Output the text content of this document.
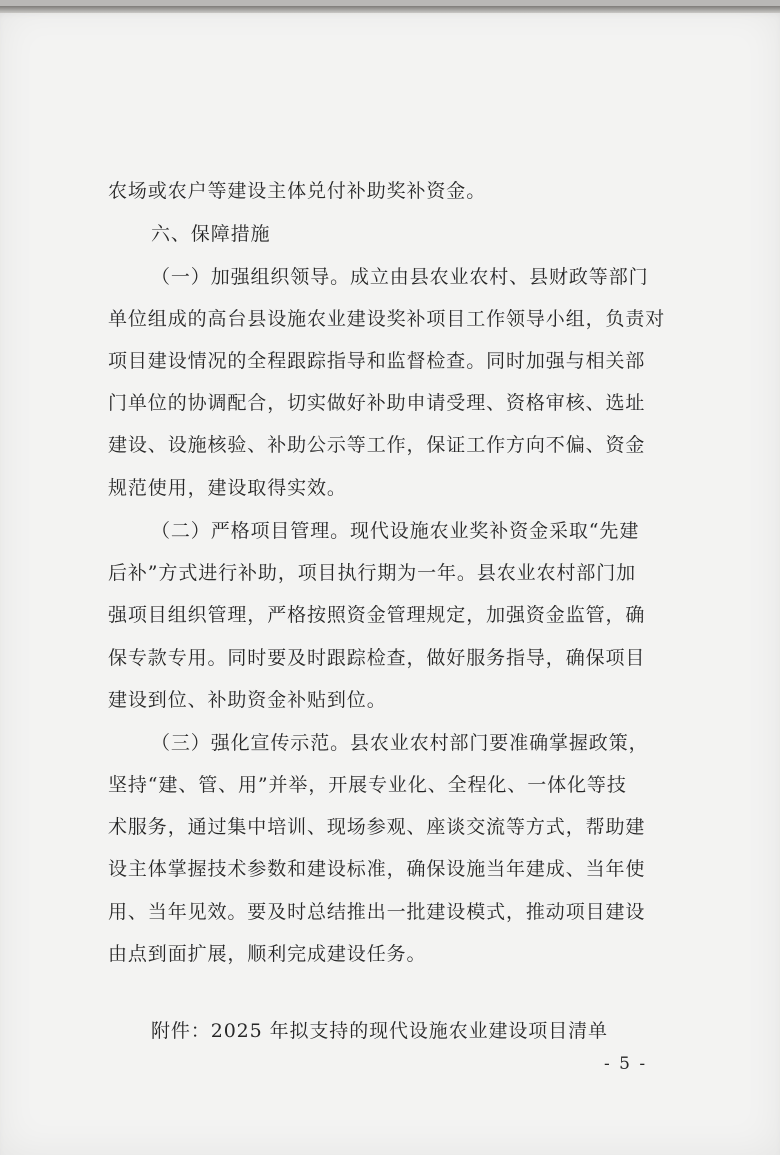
农场或农户等建设主体兑付补助奖补资金。
六、保障措施
（一）加强组织领导。成立由县农业农村、县财政等部门
单位组成的高台县设施农业建设奖补项目工作领导小组，负责对
项目建设情况的全程跟踪指导和监督检查。同时加强与相关部
门单位的协调配合，切实做好补助申请受理、资格审核、选址
建设、设施核验、补助公示等工作，保证工作方向不偏、资金
规范使用，建设取得实效。
（二）严格项目管理。现代设施农业奖补资金采取“先建
后补”方式进行补助，项目执行期为一年。县农业农村部门加
强项目组织管理，严格按照资金管理规定，加强资金监管，确
保专款专用。同时要及时跟踪检查，做好服务指导，确保项目
建设到位、补助资金补贴到位。
（三）强化宣传示范。县农业农村部门要准确掌握政策，
坚持“建、管、用”并举，开展专业化、全程化、一体化等技
术服务，通过集中培训、现场参观、座谈交流等方式，帮助建
设主体掌握技术参数和建设标准，确保设施当年建成、当年使
用、当年见效。要及时总结推出一批建设模式，推动项目建设
由点到面扩展，顺利完成建设任务。
附件：2025 年拟支持的现代设施农业建设项目清单
- 5 -
